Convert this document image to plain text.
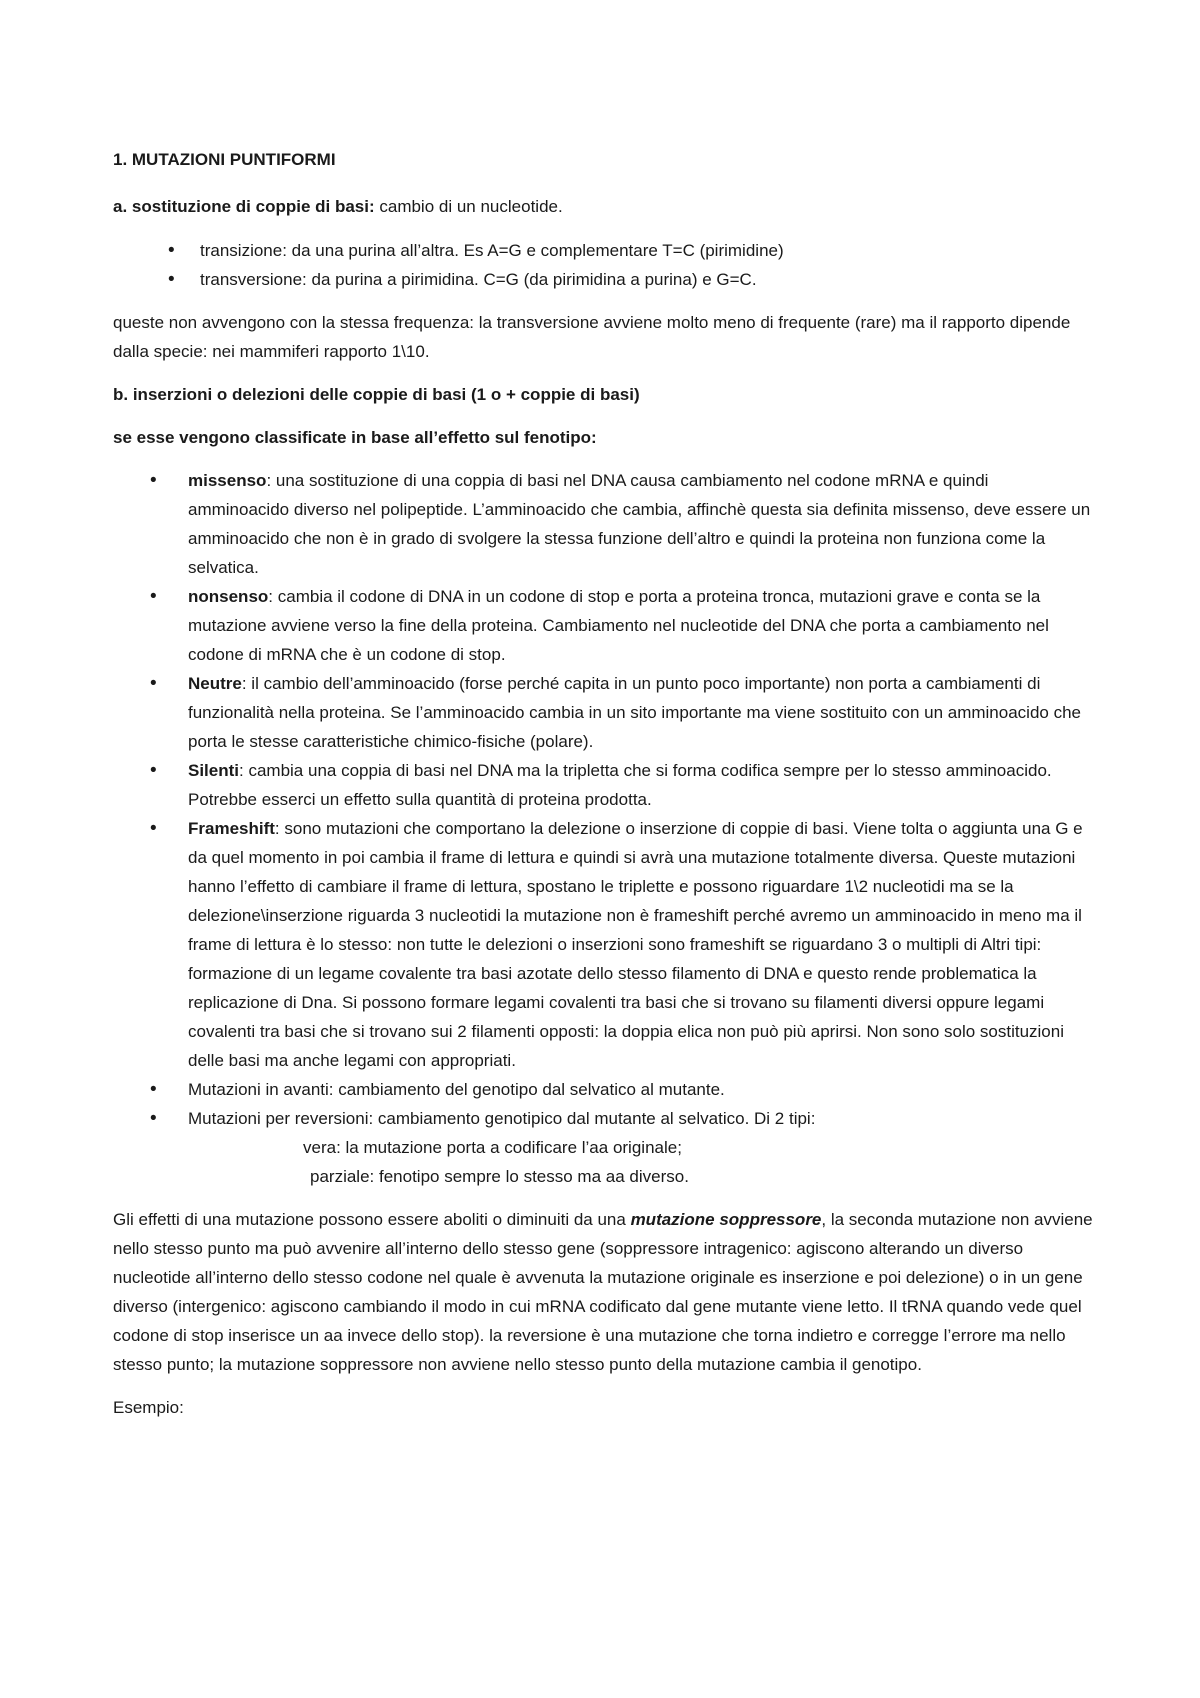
1. MUTAZIONI PUNTIFORMI

a. sostituzione di coppie di basi: cambio di un nucleotide.

• transizione: da una purina all’altra. Es A=G e complementare T=C (pirimidine)
• transversione: da purina a pirimidina. C=G (da pirimidina a purina) e G=C.

queste non avvengono con la stessa frequenza: la transversione avviene molto meno di frequente (rare) ma il rapporto dipende dalla specie: nei mammiferi rapporto 1\10.

b. inserzioni o delezioni delle coppie di basi (1 o + coppie di basi)

se esse vengono classificate in base all’effetto sul fenotipo:

• missenso: una sostituzione di una coppia di basi nel DNA causa cambiamento nel codone mRNA e quindi amminoacido diverso nel polipeptide. L’amminoacido che cambia, affinchè questa sia definita missenso, deve essere un amminoacido che non è in grado di svolgere la stessa funzione dell’altro e quindi la proteina non funziona come la selvatica.
• nonsenso: cambia il codone di DNA in un codone di stop e porta a proteina tronca, mutazioni grave e conta se la mutazione avviene verso la fine della proteina. Cambiamento nel nucleotide del DNA che porta a cambiamento nel codone di mRNA che è un codone di stop.
• Neutre: il cambio dell’amminoacido (forse perché capita in un punto poco importante) non porta a cambiamenti di funzionalità nella proteina. Se l’amminoacido cambia in un sito importante ma viene sostituito con un amminoacido che porta le stesse caratteristiche chimico-fisiche (polare).
• Silenti: cambia una coppia di basi nel DNA ma la tripletta che si forma codifica sempre per lo stesso amminoacido. Potrebbe esserci un effetto sulla quantità di proteina prodotta.
• Frameshift: sono mutazioni che comportano la delezione o inserzione di coppie di basi. Viene tolta o aggiunta una G e da quel momento in poi cambia il frame di lettura e quindi si avrà una mutazione totalmente diversa. Queste mutazioni hanno l’effetto di cambiare il frame di lettura, spostano le triplette e possono riguardare 1\2 nucleotidi ma se la delezione\inserzione riguarda 3 nucleotidi la mutazione non è frameshift perché avremo un amminoacido in meno ma il frame di lettura è lo stesso: non tutte le delezioni o inserzioni sono frameshift se riguardano 3 o multipli di Altri tipi: formazione di un legame covalente tra basi azotate dello stesso filamento di DNA e questo rende problematica la replicazione di Dna. Si possono formare legami covalenti tra basi che si trovano su filamenti diversi oppure legami covalenti tra basi che si trovano sui 2 filamenti opposti: la doppia elica non può più aprirsi. Non sono solo sostituzioni delle basi ma anche legami con appropriati.
• Mutazioni in avanti: cambiamento del genotipo dal selvatico al mutante.
• Mutazioni per reversioni: cambiamento genotipico dal mutante al selvatico. Di 2 tipi:
vera: la mutazione porta a codificare l’aa originale;
parziale: fenotipo sempre lo stesso ma aa diverso.

Gli effetti di una mutazione possono essere aboliti o diminuiti da una mutazione soppressore, la seconda mutazione non avviene nello stesso punto ma può avvenire all’interno dello stesso gene (soppressore intragenico: agiscono alterando un diverso nucleotide all’interno dello stesso codone nel quale è avvenuta la mutazione originale es inserzione e poi delezione) o in un gene diverso (intergenico: agiscono cambiando il modo in cui mRNA codificato dal gene mutante viene letto. Il tRNA quando vede quel codone di stop inserisce un aa invece dello stop). la reversione è una mutazione che torna indietro e corregge l’errore ma nello stesso punto; la mutazione soppressore non avviene nello stesso punto della mutazione cambia il genotipo.

Esempio:
